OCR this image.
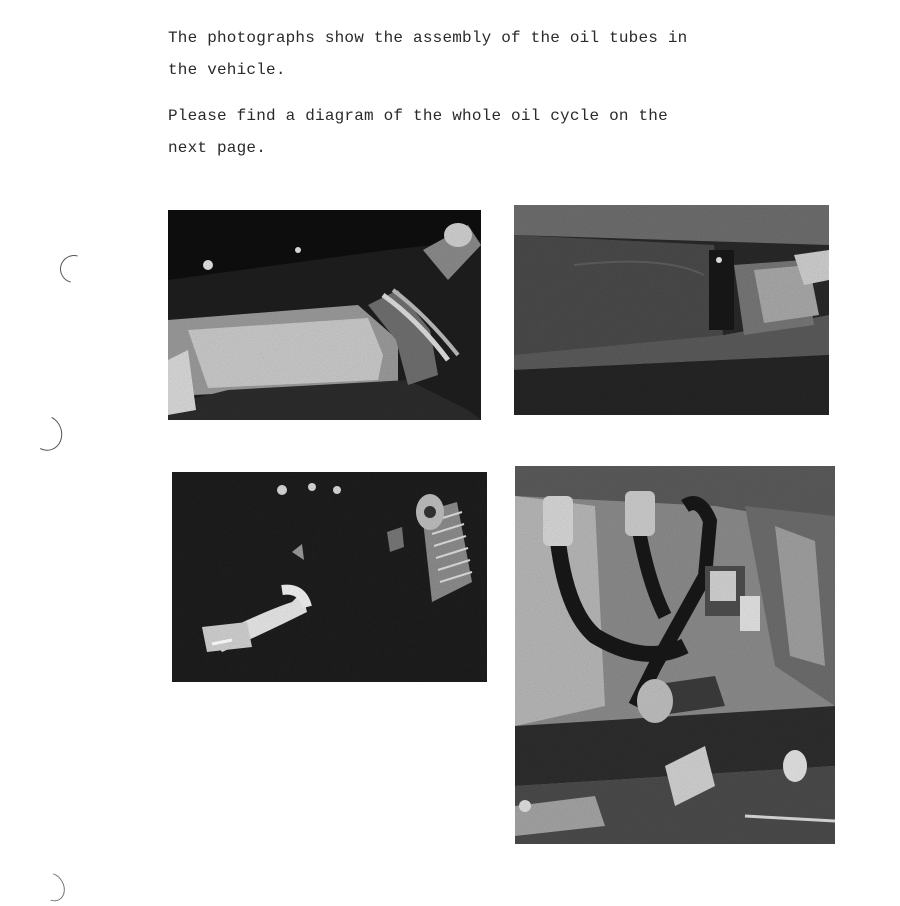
The photographs show the assembly of the oil tubes in
the vehicle.

Please find a diagram of the whole oil cycle on the
next page.
